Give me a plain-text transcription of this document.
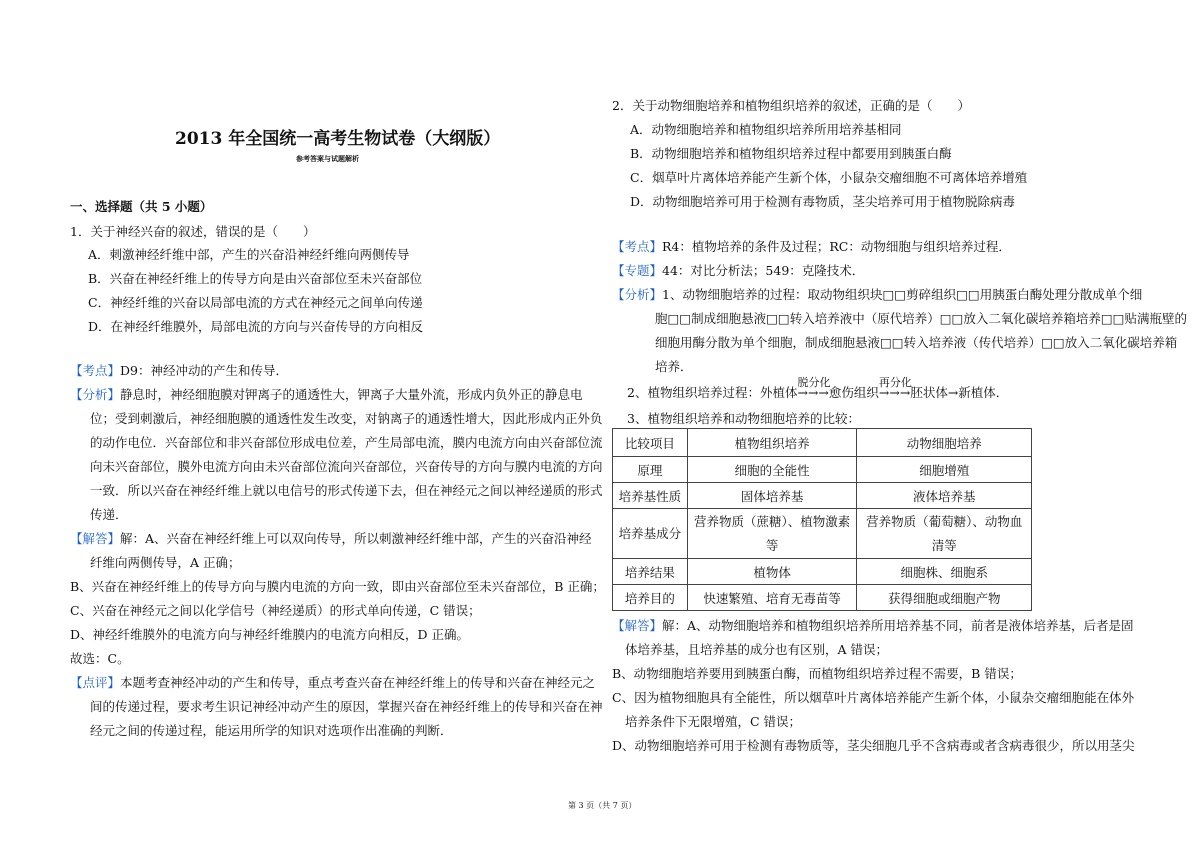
2013 年全国统一高考生物试卷（大纲版）
参考答案与试题解析
一、选择题（共 5 小题）
1．关于神经兴奋的叙述，错误的是（　　）
A．刺激神经纤维中部，产生的兴奋沿神经纤维向两侧传导
B．兴奋在神经纤维上的传导方向是由兴奋部位至未兴奋部位
C．神经纤维的兴奋以局部电流的方式在神经元之间单向传递
D．在神经纤维膜外，局部电流的方向与兴奋传导的方向相反
【考点】D9：神经冲动的产生和传导．
【分析】静息时，神经细胞膜对钾离子的通透性大，钾离子大量外流，形成内负外正的静息电
位；受到刺激后，神经细胞膜的通透性发生改变，对钠离子的通透性增大，因此形成内正外负
的动作电位．兴奋部位和非兴奋部位形成电位差，产生局部电流，膜内电流方向由兴奋部位流
向未兴奋部位，膜外电流方向由未兴奋部位流向兴奋部位，兴奋传导的方向与膜内电流的方向
一致．所以兴奋在神经纤维上就以电信号的形式传递下去，但在神经元之间以神经递质的形式
传递．
【解答】解：A、兴奋在神经纤维上可以双向传导，所以刺激神经纤维中部，产生的兴奋沿神经
纤维向两侧传导，A 正确；
B、兴奋在神经纤维上的传导方向与膜内电流的方向一致，即由兴奋部位至未兴奋部位，B 正确；
C、兴奋在神经元之间以化学信号（神经递质）的形式单向传递，C 错误；
D、神经纤维膜外的电流方向与神经纤维膜内的电流方向相反，D 正确。
故选：C。
【点评】本题考查神经冲动的产生和传导，重点考查兴奋在神经纤维上的传导和兴奋在神经元之
间的传递过程，要求考生识记神经冲动产生的原因，掌握兴奋在神经纤维上的传导和兴奋在神
经元之间的传递过程，能运用所学的知识对选项作出准确的判断．
2．关于动物细胞培养和植物组织培养的叙述，正确的是（　　）
A．动物细胞培养和植物组织培养所用培养基相同
B．动物细胞培养和植物组织培养过程中都要用到胰蛋白酶
C．烟草叶片离体培养能产生新个体，小鼠杂交瘤细胞不可离体培养增殖
D．动物细胞培养可用于检测有毒物质，茎尖培养可用于植物脱除病毒
【考点】R4：植物培养的条件及过程；RC：动物细胞与组织培养过程．
【专题】44：对比分析法；549：克隆技术．
【分析】1、动物细胞培养的过程：取动物组织块□□剪碎组织□□用胰蛋白酶处理分散成单个细
胞□□制成细胞悬液□□转入培养液中（原代培养）□□放入二氧化碳培养箱培养□□贴满瓶壁的
细胞用酶分散为单个细胞，制成细胞悬液□□转入培养液（传代培养）□□放入二氧化碳培养箱
培养．
2、植物组织培养过程：外植体
脱分化
→→→愈伤组织
再分化
→→→胚状体→新植体．
3、植物组织培养和动物细胞培养的比较：
比较项目	植物组织培养	动物细胞培养
原理	细胞的全能性	细胞增殖
培养基性质	固体培养基	液体培养基
培养基成分	营养物质（蔗糖）、植物激素等	营养物质（葡萄糖）、动物血清等
培养结果	植物体	细胞株、细胞系
培养目的	快速繁殖、培育无毒苗等	获得细胞或细胞产物
【解答】解：A、动物细胞培养和植物组织培养所用培养基不同，前者是液体培养基，后者是固
体培养基，且培养基的成分也有区别，A 错误；
B、动物细胞培养要用到胰蛋白酶，而植物组织培养过程不需要，B 错误；
C、因为植物细胞具有全能性，所以烟草叶片离体培养能产生新个体，小鼠杂交瘤细胞能在体外
培养条件下无限增殖，C 错误；
D、动物细胞培养可用于检测有毒物质等，茎尖细胞几乎不含病毒或者含病毒很少，所以用茎尖
第 3 页（共 7 页）
